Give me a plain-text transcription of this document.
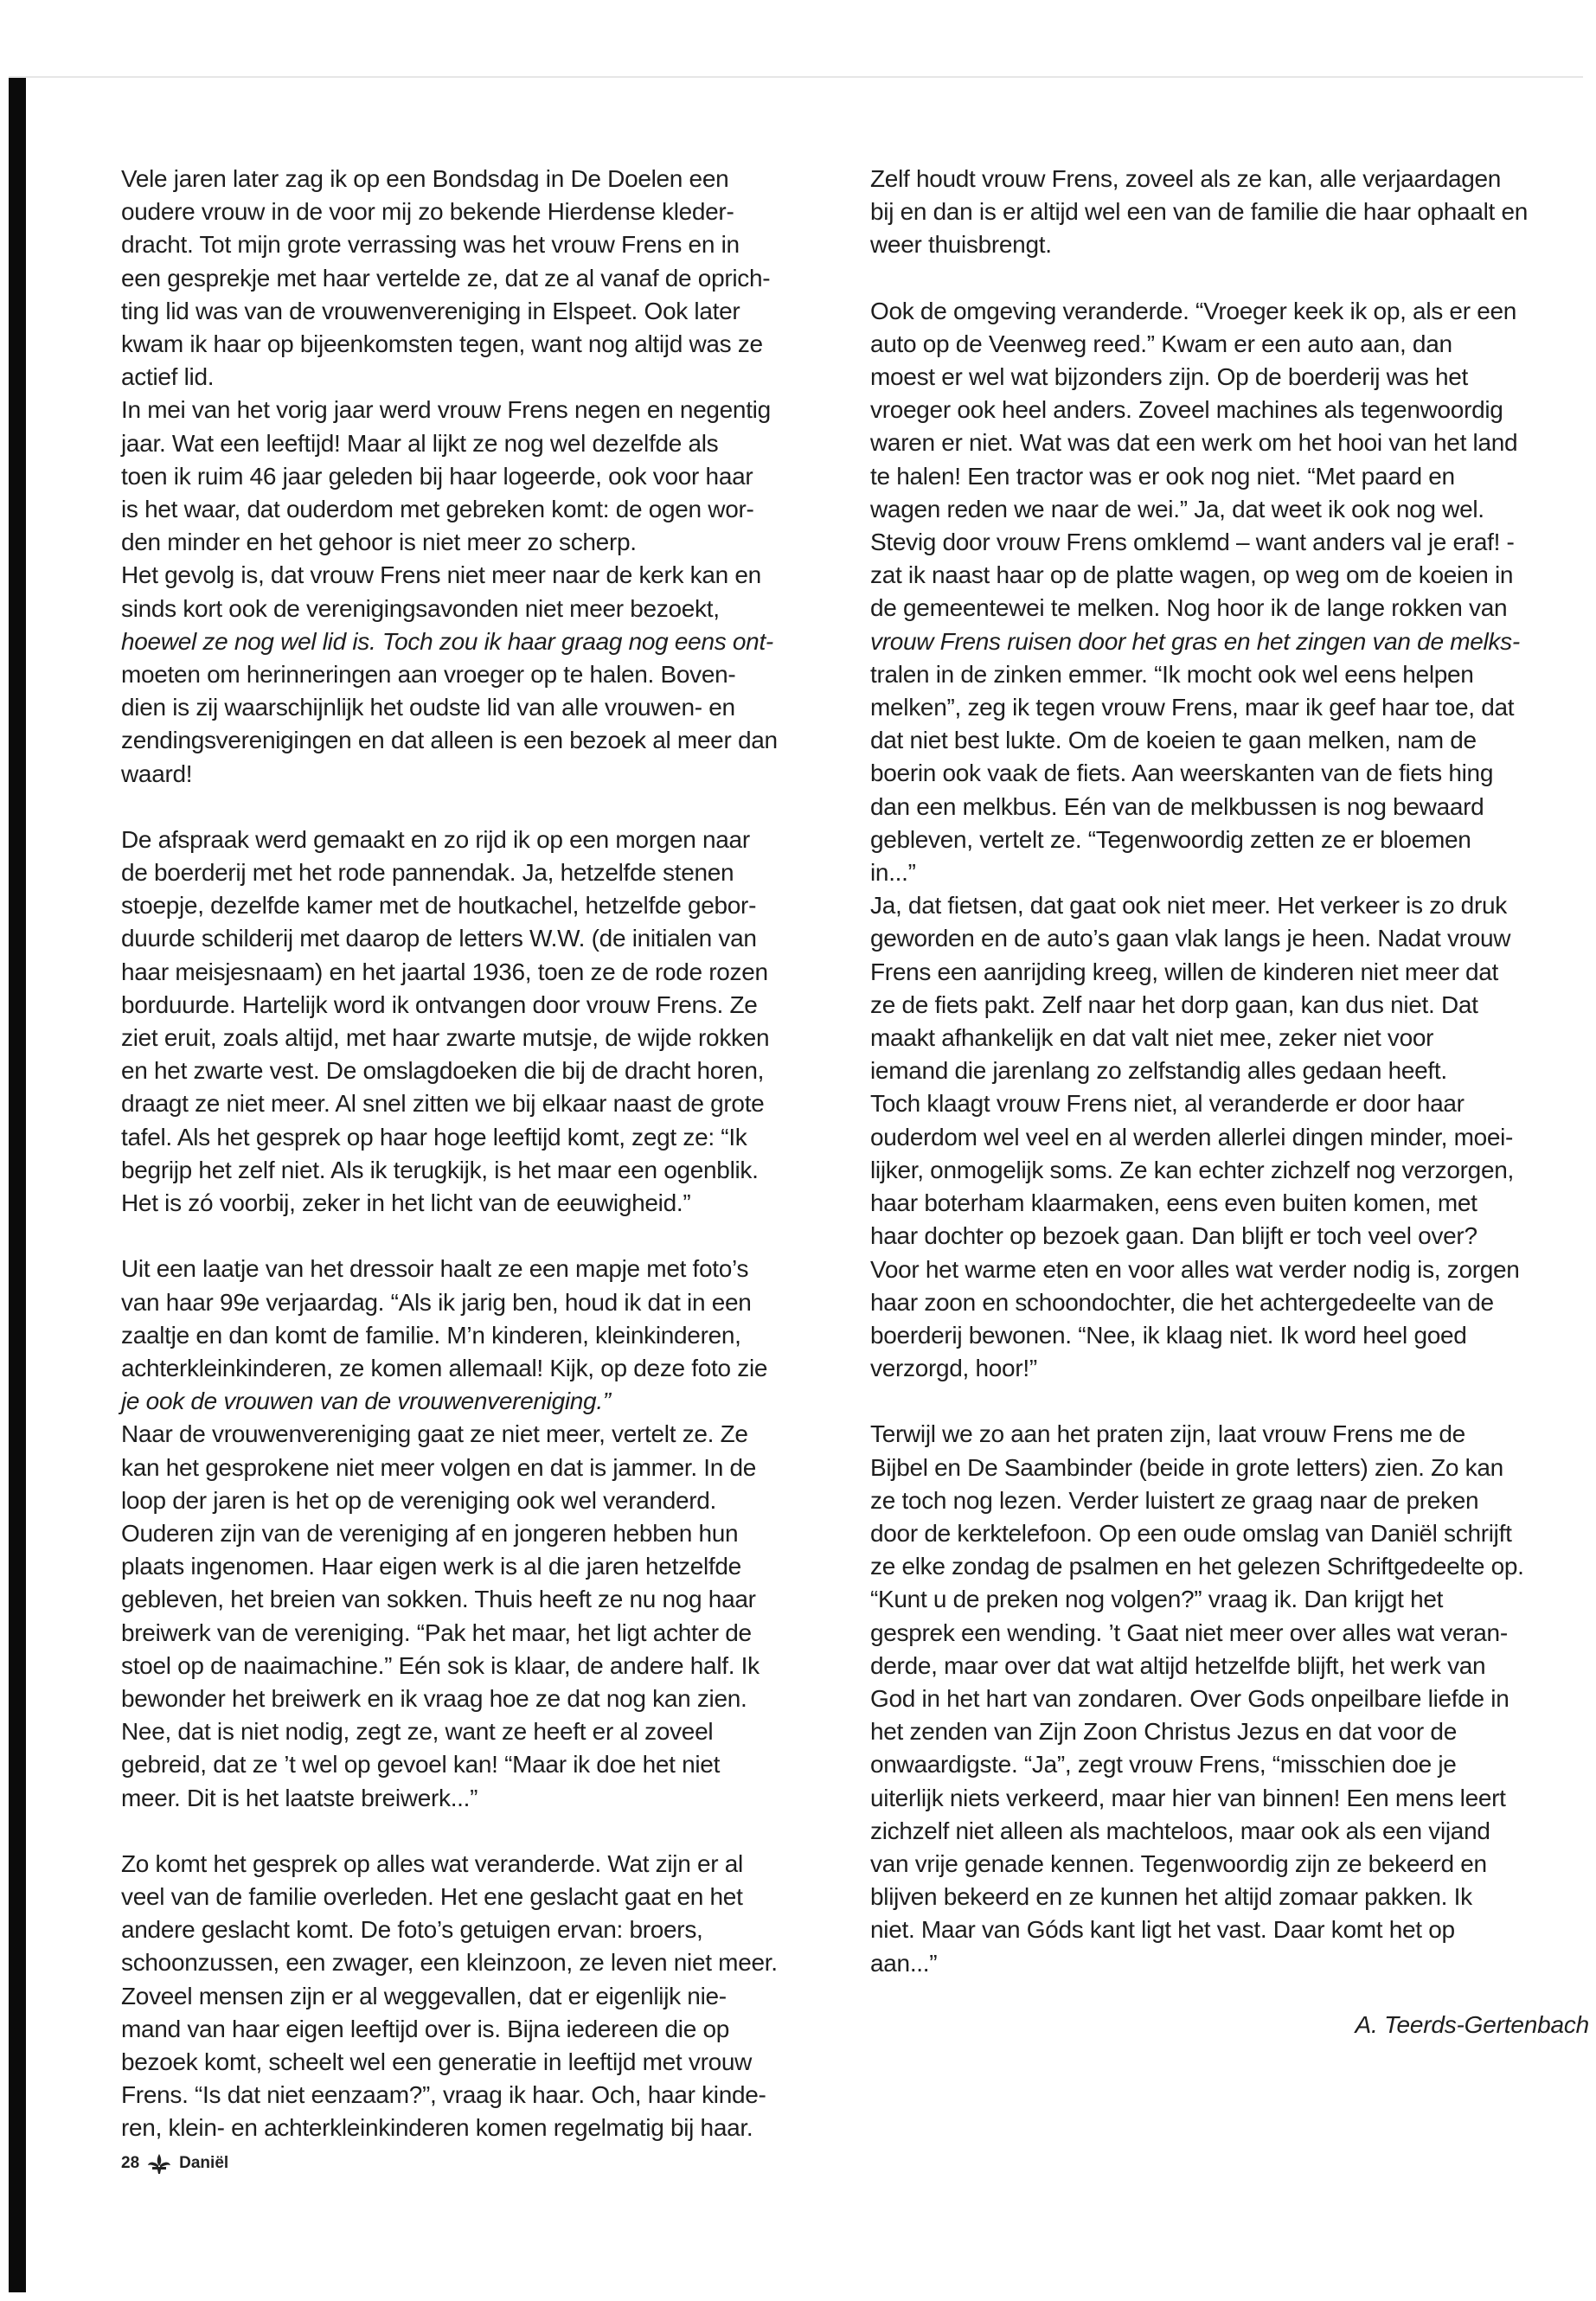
Vele jaren later zag ik op een Bondsdag in De Doelen een
oudere vrouw in de voor mij zo bekende Hierdense kleder-
dracht. Tot mijn grote verrassing was het vrouw Frens en in
een gesprekje met haar vertelde ze, dat ze al vanaf de oprich-
ting lid was van de vrouwenvereniging in Elspeet. Ook later
kwam ik haar op bijeenkomsten tegen, want nog altijd was ze
actief lid.
In mei van het vorig jaar werd vrouw Frens negen en negentig
jaar. Wat een leeftijd! Maar al lijkt ze nog wel dezelfde als
toen ik ruim 46 jaar geleden bij haar logeerde, ook voor haar
is het waar, dat ouderdom met gebreken komt: de ogen wor-
den minder en het gehoor is niet meer zo scherp.
Het gevolg is, dat vrouw Frens niet meer naar de kerk kan en
sinds kort ook de verenigingsavonden niet meer bezoekt,
hoewel ze nog wel lid is. Toch zou ik haar graag nog eens ont-
moeten om herinneringen aan vroeger op te halen. Boven-
dien is zij waarschijnlijk het oudste lid van alle vrouwen- en
zendingsverenigingen en dat alleen is een bezoek al meer dan
waard!

De afspraak werd gemaakt en zo rijd ik op een morgen naar
de boerderij met het rode pannendak. Ja, hetzelfde stenen
stoepje, dezelfde kamer met de houtkachel, hetzelfde gebor-
duurde schilderij met daarop de letters W.W. (de initialen van
haar meisjesnaam) en het jaartal 1936, toen ze de rode rozen
borduurde. Hartelijk word ik ontvangen door vrouw Frens. Ze
ziet eruit, zoals altijd, met haar zwarte mutsje, de wijde rokken
en het zwarte vest. De omslagdoeken die bij de dracht horen,
draagt ze niet meer. Al snel zitten we bij elkaar naast de grote
tafel. Als het gesprek op haar hoge leeftijd komt, zegt ze: “Ik
begrijp het zelf niet. Als ik terugkijk, is het maar een ogenblik.
Het is zó voorbij, zeker in het licht van de eeuwigheid.”

Uit een laatje van het dressoir haalt ze een mapje met foto’s
van haar 99e verjaardag. “Als ik jarig ben, houd ik dat in een
zaaltje en dan komt de familie. M’n kinderen, kleinkinderen,
achterkleinkinderen, ze komen allemaal! Kijk, op deze foto zie
je ook de vrouwen van de vrouwenvereniging.”
Naar de vrouwenvereniging gaat ze niet meer, vertelt ze. Ze
kan het gesprokene niet meer volgen en dat is jammer. In de
loop der jaren is het op de vereniging ook wel veranderd.
Ouderen zijn van de vereniging af en jongeren hebben hun
plaats ingenomen. Haar eigen werk is al die jaren hetzelfde
gebleven, het breien van sokken. Thuis heeft ze nu nog haar
breiwerk van de vereniging. “Pak het maar, het ligt achter de
stoel op de naaimachine.” Eén sok is klaar, de andere half. Ik
bewonder het breiwerk en ik vraag hoe ze dat nog kan zien.
Nee, dat is niet nodig, zegt ze, want ze heeft er al zoveel
gebreid, dat ze ’t wel op gevoel kan! “Maar ik doe het niet
meer. Dit is het laatste breiwerk...”

Zo komt het gesprek op alles wat veranderde. Wat zijn er al
veel van de familie overleden. Het ene geslacht gaat en het
andere geslacht komt. De foto’s getuigen ervan: broers,
schoonzussen, een zwager, een kleinzoon, ze leven niet meer.
Zoveel mensen zijn er al weggevallen, dat er eigenlijk nie-
mand van haar eigen leeftijd over is. Bijna iedereen die op
bezoek komt, scheelt wel een generatie in leeftijd met vrouw
Frens. “Is dat niet eenzaam?”, vraag ik haar. Och, haar kinde-
ren, klein- en achterkleinkinderen komen regelmatig bij haar.

Zelf houdt vrouw Frens, zoveel als ze kan, alle verjaardagen
bij en dan is er altijd wel een van de familie die haar ophaalt en
weer thuisbrengt.

Ook de omgeving veranderde. “Vroeger keek ik op, als er een
auto op de Veenweg reed.” Kwam er een auto aan, dan
moest er wel wat bijzonders zijn. Op de boerderij was het
vroeger ook heel anders. Zoveel machines als tegenwoordig
waren er niet. Wat was dat een werk om het hooi van het land
te halen! Een tractor was er ook nog niet. “Met paard en
wagen reden we naar de wei.” Ja, dat weet ik ook nog wel.
Stevig door vrouw Frens omklemd – want anders val je eraf! -
zat ik naast haar op de platte wagen, op weg om de koeien in
de gemeentewei te melken. Nog hoor ik de lange rokken van
vrouw Frens ruisen door het gras en het zingen van de melks-
tralen in de zinken emmer. “Ik mocht ook wel eens helpen
melken”, zeg ik tegen vrouw Frens, maar ik geef haar toe, dat
dat niet best lukte. Om de koeien te gaan melken, nam de
boerin ook vaak de fiets. Aan weerskanten van de fiets hing
dan een melkbus. Eén van de melkbussen is nog bewaard
gebleven, vertelt ze. “Tegenwoordig zetten ze er bloemen
in...”
Ja, dat fietsen, dat gaat ook niet meer. Het verkeer is zo druk
geworden en de auto’s gaan vlak langs je heen. Nadat vrouw
Frens een aanrijding kreeg, willen de kinderen niet meer dat
ze de fiets pakt. Zelf naar het dorp gaan, kan dus niet. Dat
maakt afhankelijk en dat valt niet mee, zeker niet voor
iemand die jarenlang zo zelfstandig alles gedaan heeft.
Toch klaagt vrouw Frens niet, al veranderde er door haar
ouderdom wel veel en al werden allerlei dingen minder, moei-
lijker, onmogelijk soms. Ze kan echter zichzelf nog verzorgen,
haar boterham klaarmaken, eens even buiten komen, met
haar dochter op bezoek gaan. Dan blijft er toch veel over?
Voor het warme eten en voor alles wat verder nodig is, zorgen
haar zoon en schoondochter, die het achtergedeelte van de
boerderij bewonen. “Nee, ik klaag niet. Ik word heel goed
verzorgd, hoor!”

Terwijl we zo aan het praten zijn, laat vrouw Frens me de
Bijbel en De Saambinder (beide in grote letters) zien. Zo kan
ze toch nog lezen. Verder luistert ze graag naar de preken
door de kerktelefoon. Op een oude omslag van Daniël schrijft
ze elke zondag de psalmen en het gelezen Schriftgedeelte op.
“Kunt u de preken nog volgen?” vraag ik. Dan krijgt het
gesprek een wending. ’t Gaat niet meer over alles wat veran-
derde, maar over dat wat altijd hetzelfde blijft, het werk van
God in het hart van zondaren. Over Gods onpeilbare liefde in
het zenden van Zijn Zoon Christus Jezus en dat voor de
onwaardigste. “Ja”, zegt vrouw Frens, “misschien doe je
uiterlijk niets verkeerd, maar hier van binnen! Een mens leert
zichzelf niet alleen als machteloos, maar ook als een vijand
van vrije genade kennen. Tegenwoordig zijn ze bekeerd en
blijven bekeerd en ze kunnen het altijd zomaar pakken. Ik
niet. Maar van Góds kant ligt het vast. Daar komt het op
aan...”

A. Teerds-Gertenbach
28 Daniël
